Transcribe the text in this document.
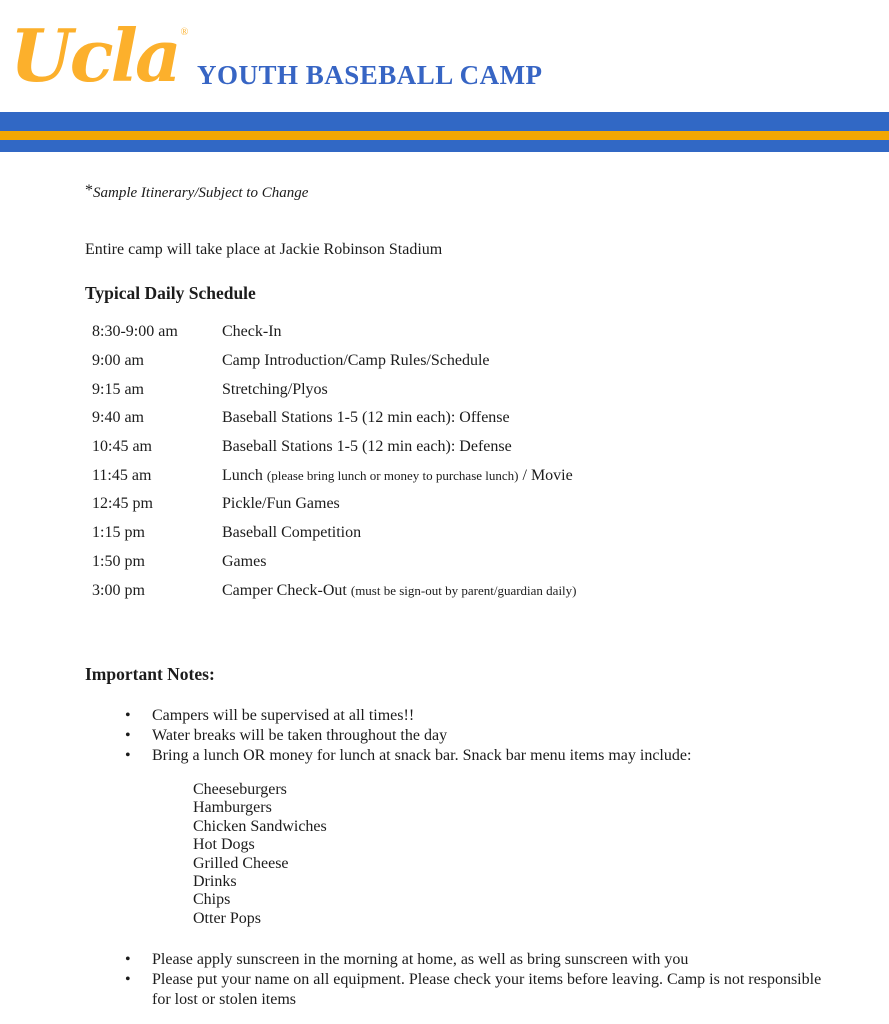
Ucla ®
YOUTH BASEBALL CAMP
*Sample Itinerary/Subject to Change
Entire camp will take place at Jackie Robinson Stadium
Typical Daily Schedule
8:30-9:00 am	Check-In
9:00 am	Camp Introduction/Camp Rules/Schedule
9:15 am	Stretching/Plyos
9:40 am	Baseball Stations 1-5 (12 min each): Offense
10:45 am	Baseball Stations 1-5 (12 min each): Defense
11:45 am	Lunch (please bring lunch or money to purchase lunch) / Movie
12:45 pm	Pickle/Fun Games
1:15 pm	Baseball Competition
1:50 pm	Games
3:00 pm	Camper Check-Out (must be sign-out by parent/guardian daily)
Important Notes:
• Campers will be supervised at all times!!
• Water breaks will be taken throughout the day
• Bring a lunch OR money for lunch at snack bar. Snack bar menu items may include:
Cheeseburgers
Hamburgers
Chicken Sandwiches
Hot Dogs
Grilled Cheese
Drinks
Chips
Otter Pops
• Please apply sunscreen in the morning at home, as well as bring sunscreen with you
• Please put your name on all equipment. Please check your items before leaving. Camp is not responsible for lost or stolen items
